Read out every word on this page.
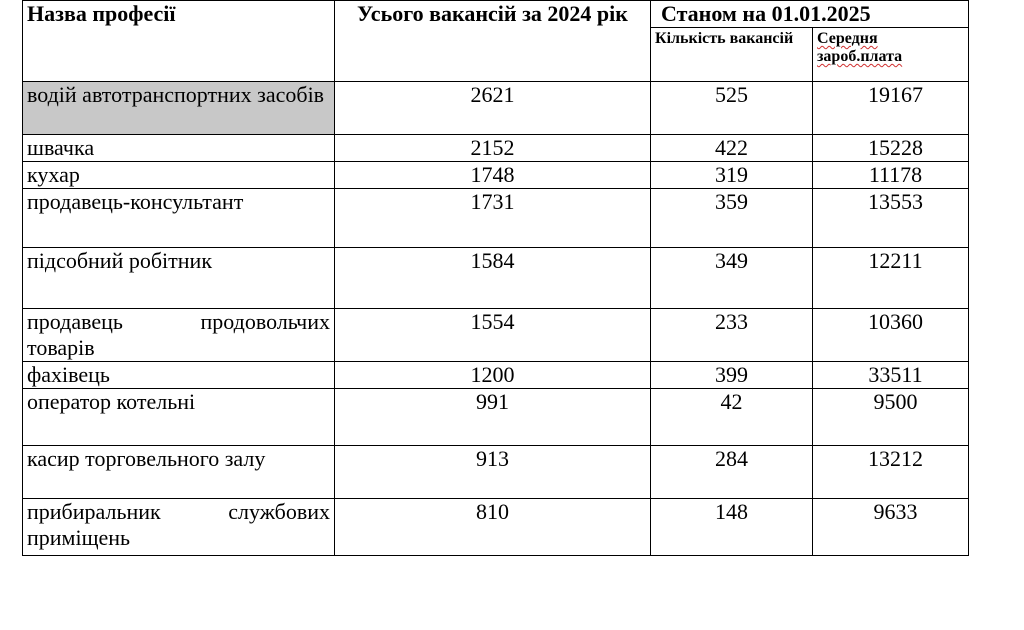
Назва професії	Усього вакансій за 2024 рік	Станом на 01.01.2025	
		Кількість вакансій	Середня зароб.плата
водій автотранспортних засобів	2621	525	19167
швачка	2152	422	15228
кухар	1748	319	11178
продавець-консультант	1731	359	13553
підсобний робітник	1584	349	12211
продавець продовольчих товарів	1554	233	10360
фахівець	1200	399	33511
оператор котельні	991	42	9500
касир торговельного залу	913	284	13212
прибиральник службових приміщень	810	148	9633
